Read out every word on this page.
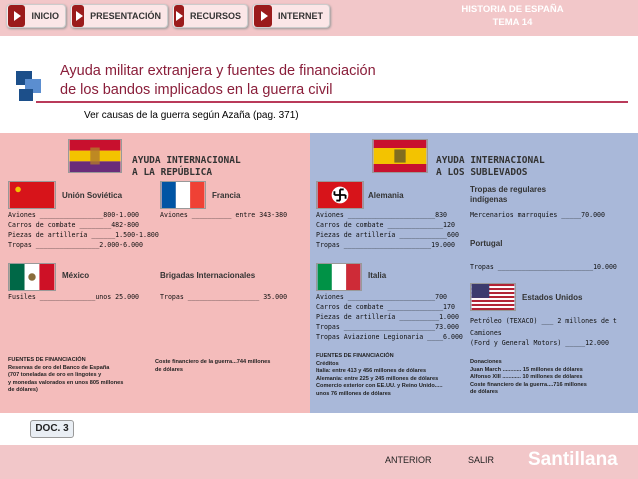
INICIO	PRESENTACIÓN	RECURSOS	INTERNET
HISTORIA DE ESPAÑA
TEMA 14
Ayuda militar extranjera y fuentes de financiación
de los bandos implicados en la guerra civil
Ver causas de la guerra según Azaña (pag. 371)
AYUDA INTERNACIONAL
A LA REPÚBLICA
Unión Soviética
Aviones ________________800-1.000
Carros de combate ________482-800
Piezas de artillería ______1.500-1.800
Tropas ________________2.000-6.000
Francia
Aviones __________ entre 343-380
México
Fusiles ______________unos 25.000
Brigadas Internacionales
Tropas __________________ 35.000
FUENTES DE FINANCIACIÓN
Reservas de oro del Banco de España
(707 toneladas de oro en lingotes y
y monedas valorados en unos 805 millones
de dólares)
Coste financiero de la guerra...744 millones
de dólares
AYUDA INTERNACIONAL
A LOS SUBLEVADOS
Alemania
Aviones ______________________830
Carros de combate ______________120
Piezas de artillería ____________600
Tropas ______________________19.000
Tropas de regulares
indígenas
Mercenarios marroquíes _____70.000
Portugal
Tropas ________________________10.000
Italia
Aviones ______________________700
Carros de combate ______________170
Piezas de artillería __________1.000
Tropas _______________________73.000
Tropas Aviazione Legionaria ____6.000
Estados Unidos
Petróleo (TEXACO) ___ 2 millones de t
Camiones
(Ford y General Motors) _____12.000
FUENTES DE FINANCIACIÓN
Créditos
Italia: entre 413 y 456 millones de dólares
Alemania: entre 225 y 245 millones de dólares
Comercio exterior con EE.UU. y Reino Unido.....
unos 76 millones de dólares
Donaciones
Juan March ............ 15 millones de dólares
Alfonso XIII ............ 10 millones de dólares
Coste financiero de la guerra....716 millones
de dólares
DOC. 3
ANTERIOR	SALIR Santillana
